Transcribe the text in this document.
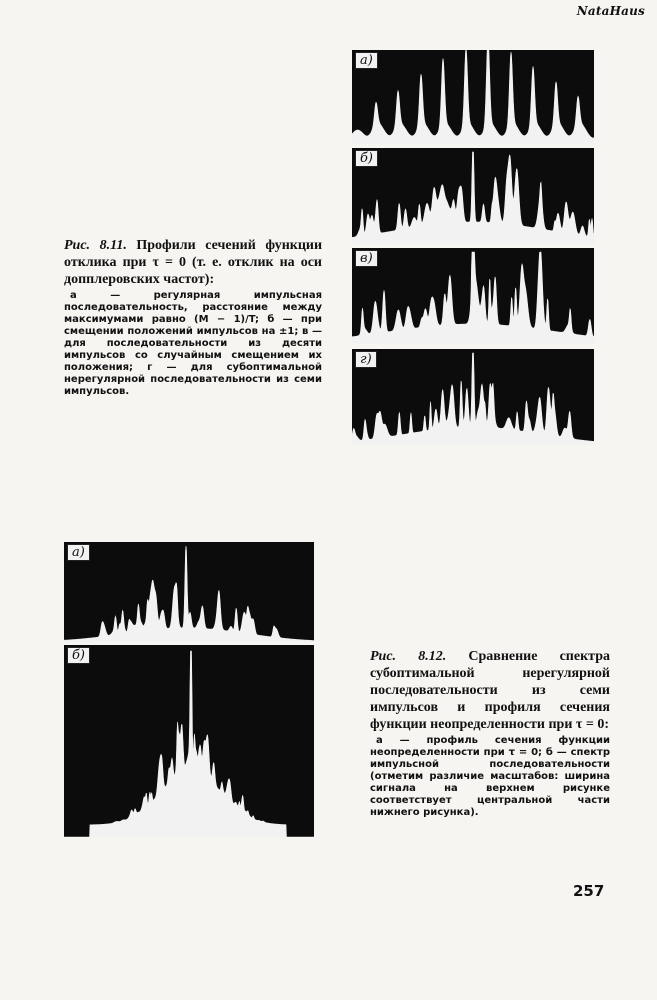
NataHaus
а)
б)
в)
г)

Рис. 8.11. Профили сечений функции отклика при τ = 0 (т. е. отклик на оси допплеровских частот):

а — регулярная импульсная последовательность, расстояние между максимумами равно (M − 1)/T; б — при смещении положений импульсов на ±1; в — для последовательности из десяти импульсов со случайным смещением их положения; г — для субоптимальной нерегулярной последовательности из семи импульсов.

а)
б)	Рис. 8.12. Сравнение спектра субоптимальной нерегулярной последовательности из семи импульсов и профиля сечения функции неопределенности при τ = 0:

а — профиль сечения функции неопределенности при τ = 0; б — спектр импульсной последовательности (отметим различие масштабов: ширина сигнала на верхнем рисунке соответствует центральной части нижнего рисунка).

257
